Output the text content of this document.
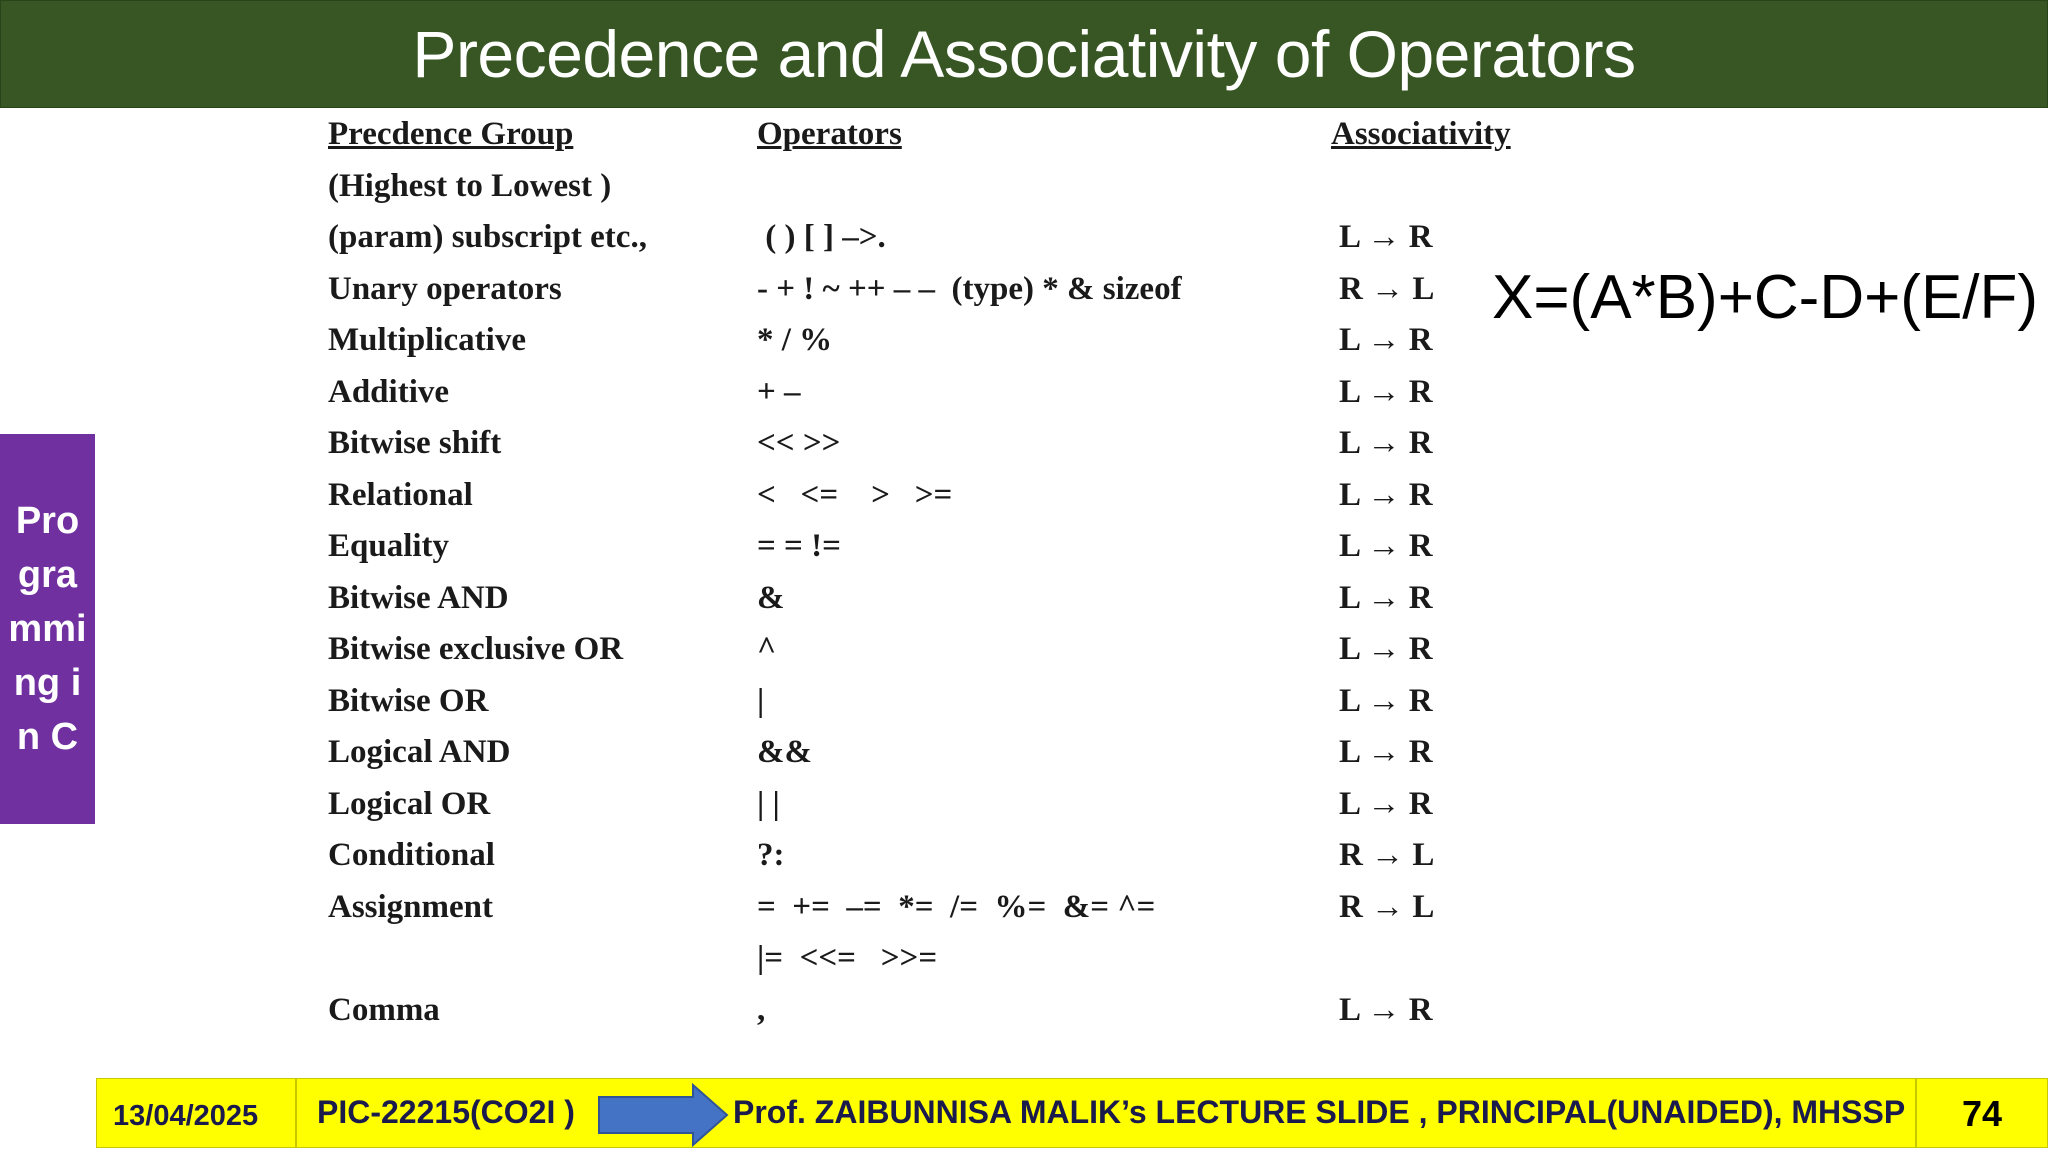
Precedence and Associativity of Operators
Programming in C
Precdence Group	Operators	Associativity
(Highest to Lowest )
(param) subscript etc.,	( ) [ ] –>.	L → R
Unary operators	- + ! ~ ++ – –  (type) * & sizeof	R → L
Multiplicative	* / %	L → R
Additive	+ –	L → R
Bitwise shift	<< >>	L → R
Relational	<   <=    >   >=	L → R
Equality	= = !=	L → R
Bitwise AND	&	L → R
Bitwise exclusive OR	^	L → R
Bitwise OR	|	L → R
Logical AND	&&	L → R
Logical OR	| |	L → R
Conditional	?:	R → L
Assignment	=  +=  –=  *=  /=  %=  &= ^=	R → L
|=  <<=   >>=
Comma	,	L → R
X=(A*B)+C-D+(E/F)
13/04/2025	PIC-22215(CO2I )	Prof. ZAIBUNNISA MALIK’s LECTURE SLIDE , PRINCIPAL(UNAIDED), MHSSP	74
